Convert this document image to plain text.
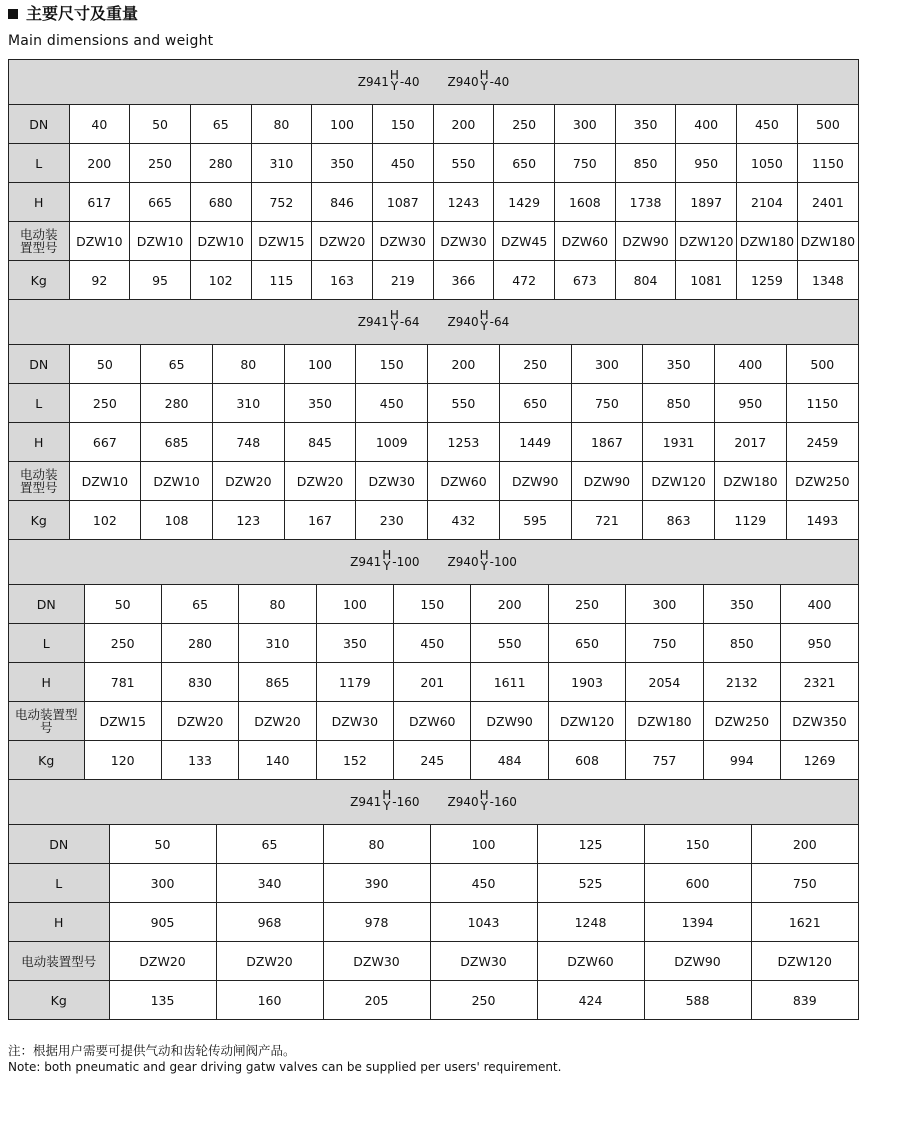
主要尺寸及重量
Main dimensions and weight
Z941 H
Y -40 Z940 H
Y -40
DN	40	50	65	80	100	150	200	250	300	350	400	450	500
L	200	250	280	310	350	450	550	650	750	850	950	1050	1150
H	617	665	680	752	846	1087	1243	1429	1608	1738	1897	2104	2401
电动装置型号	DZW10	DZW10	DZW10	DZW15	DZW20	DZW30	DZW30	DZW45	DZW60	DZW90	DZW120	DZW180	DZW180
Kg	92	95	102	115	163	219	366	472	673	804	1081	1259	1348
Z941 H
Y -64 Z940 H
Y -64
DN	50	65	80	100	150	200	250	300	350	400	500
L	250	280	310	350	450	550	650	750	850	950	1150
H	667	685	748	845	1009	1253	1449	1867	1931	2017	2459
电动装置型号	DZW10	DZW10	DZW20	DZW20	DZW30	DZW60	DZW90	DZW90	DZW120	DZW180	DZW250
Kg	102	108	123	167	230	432	595	721	863	1129	1493
Z941 H
Y -100 Z940 H
Y -100
DN	50	65	80	100	150	200	250	300	350	400
L	250	280	310	350	450	550	650	750	850	950
H	781	830	865	1179	201	1611	1903	2054	2132	2321
电动装置型号	DZW15	DZW20	DZW20	DZW30	DZW60	DZW90	DZW120	DZW180	DZW250	DZW350
Kg	120	133	140	152	245	484	608	757	994	1269
Z941 H
Y -160 Z940 H
Y -160
DN	50	65	80	100	125	150	200
L	300	340	390	450	525	600	750
H	905	968	978	1043	1248	1394	1621
电动装置型号	DZW20	DZW20	DZW30	DZW30	DZW60	DZW90	DZW120
Kg	135	160	205	250	424	588	839
注：根据用户需要可提供气动和齿轮传动闸阀产品。
Note: both pneumatic and gear driving gatw valves can be supplied per users' requirement.
